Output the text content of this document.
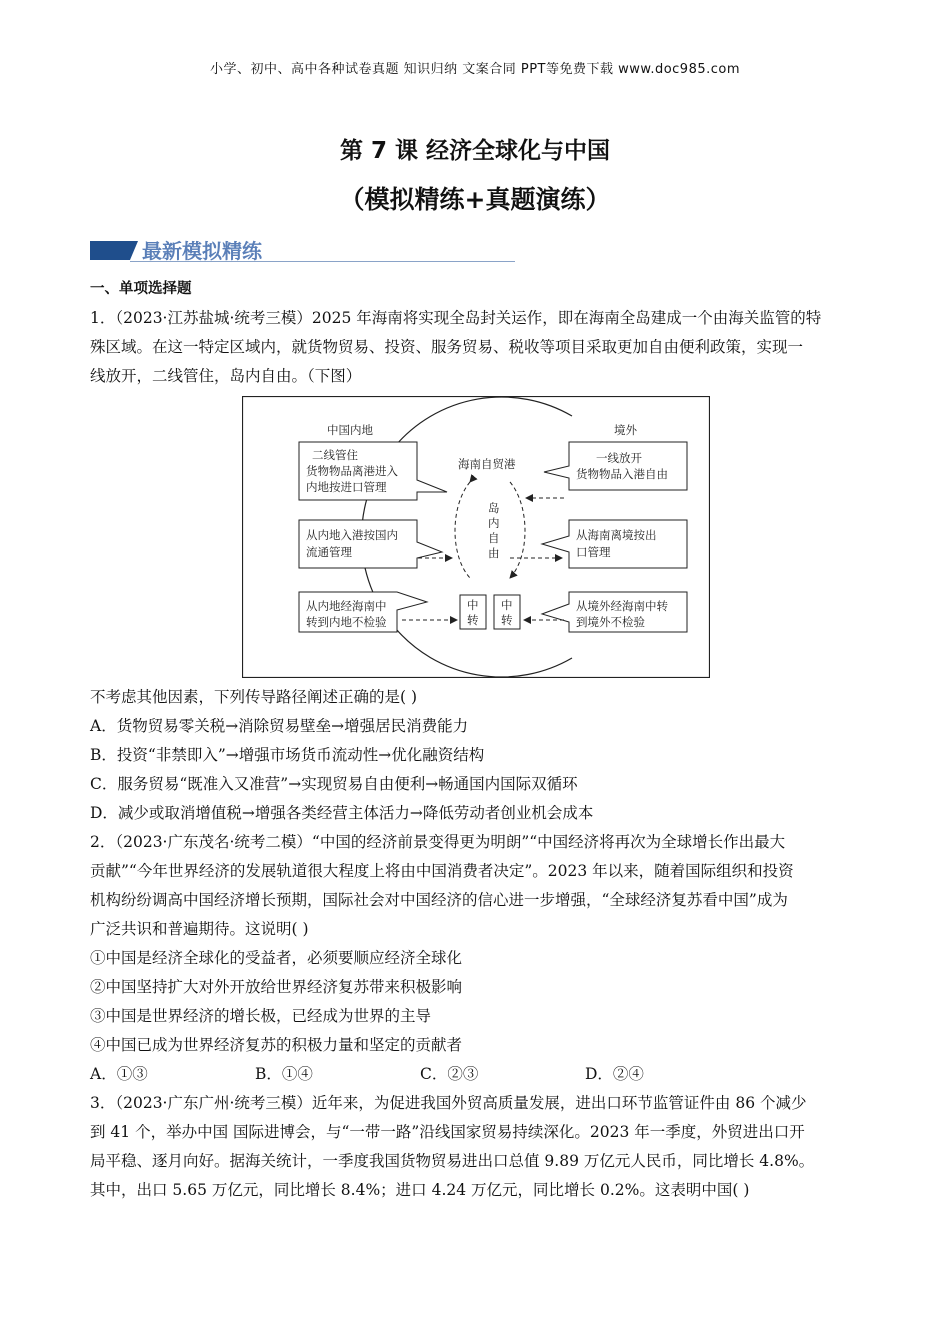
小学、初中、高中各种试卷真题 知识归纳 文案合同 PPT等免费下载 www.doc985.com
第 7 课 经济全球化与中国
（模拟精练+真题演练）
最新模拟精练

一、单项选择题

1．（2023·江苏盐城·统考三模）2025 年海南将实现全岛封关运作，即在海南全岛建成一个由海关监管的特

殊区域。在这一特定区域内，就货物贸易、投资、服务贸易、税收等项目采取更加自由便利政策，实现一

线放开，二线管住，岛内自由。（下图）

中国内地	境外
海南自贸港
岛
内
自
由
二线管住
货物物品离港进入
内地按进口管理
从内地入港按国内
流通管理
从内地经海南中
转到内地不检验
中
转
中
转
一线放开
货物物品入港自由
从海南离境按出
口管理
从境外经海南中转
到境外不检验

不考虑其他因素，下列传导路径阐述正确的是( )

A．货物贸易零关税→消除贸易壁垒→增强居民消费能力

B．投资“非禁即入”→增强市场货币流动性→优化融资结构

C．服务贸易“既准入又准营”→实现贸易自由便利→畅通国内国际双循环

D．减少或取消增值税→增强各类经营主体活力→降低劳动者创业机会成本

2．（2023·广东茂名·统考二模）“中国的经济前景变得更为明朗”“中国经济将再次为全球增长作出最大

贡献”“今年世界经济的发展轨道很大程度上将由中国消费者决定”。2023 年以来，随着国际组织和投资

机构纷纷调高中国经济增长预期，国际社会对中国经济的信心进一步增强，“全球经济复苏看中国”成为

广泛共识和普遍期待。这说明( )

①中国是经济全球化的受益者，必须要顺应经济全球化

②中国坚持扩大对外开放给世界经济复苏带来积极影响

③中国是世界经济的增长极，已经成为世界的主导

④中国已成为世界经济复苏的积极力量和坚定的贡献者

A．①③	B．①④	C．②③	D．②④

3．（2023·广东广州·统考三模）近年来，为促进我国外贸高质量发展，进出口环节监管证件由 86 个减少

到 41 个，举办中国 国际进博会，与“一带一路”沿线国家贸易持续深化。2023 年一季度，外贸进出口开

局平稳、逐月向好。据海关统计，一季度我国货物贸易进出口总值 9.89 万亿元人民币，同比增长 4.8%。

其中，出口 5.65 万亿元，同比增长 8.4%；进口 4.24 万亿元，同比增长 0.2%。这表明中国( )
